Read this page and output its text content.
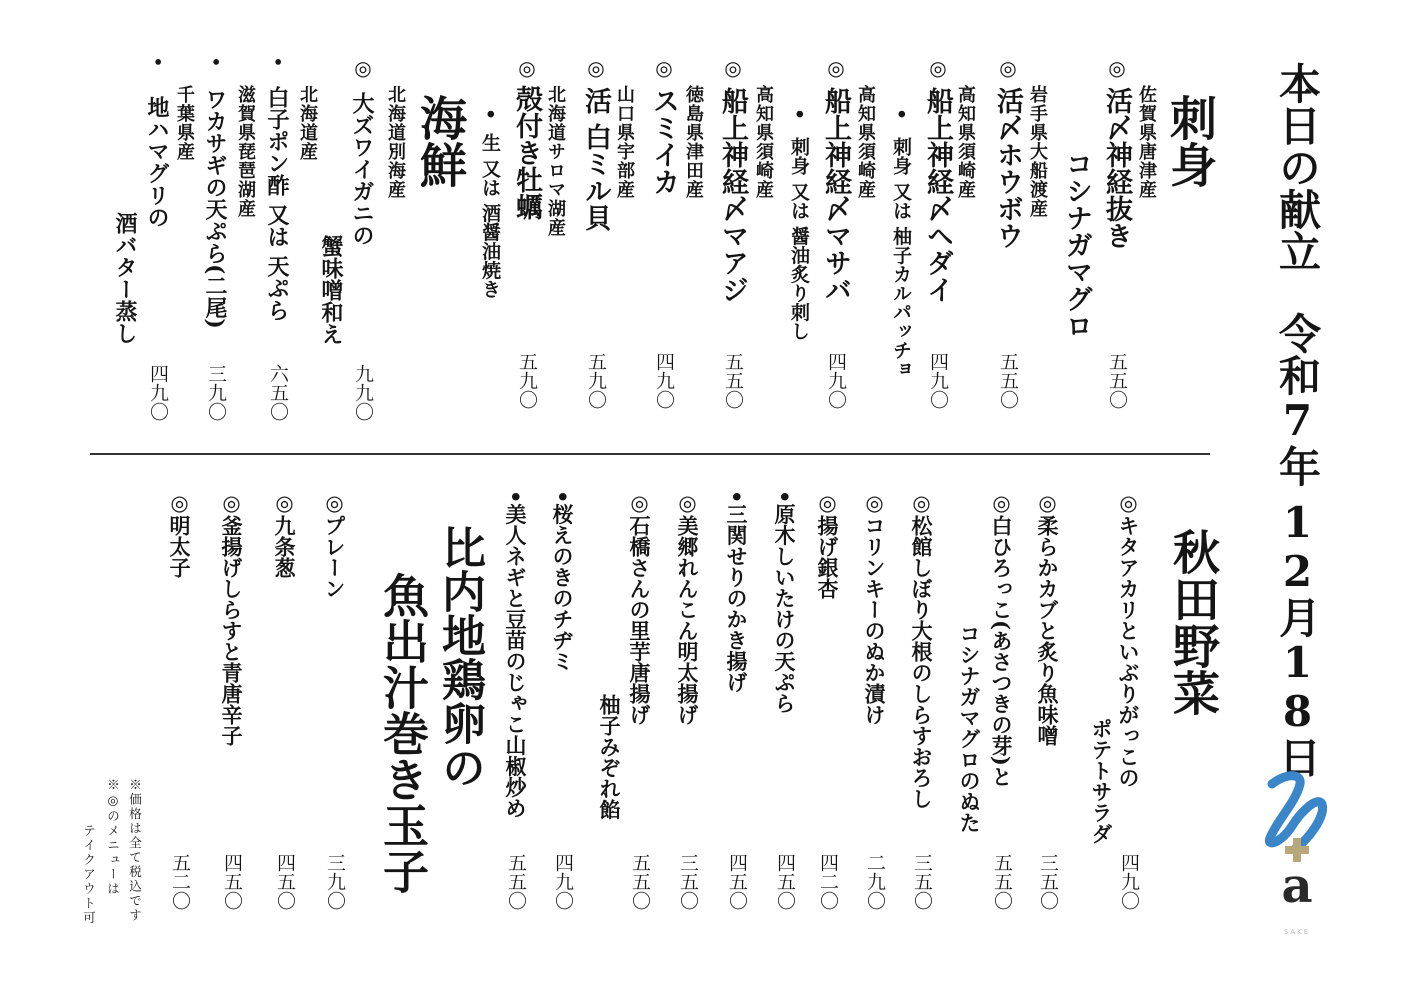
本日の献立
令和7年
12月18日
a
SAKE
刺身
◎
佐賀県唐津産
活〆神経抜き
コシナガマグロ
五五〇
◎
岩手県大船渡産
活〆ホウボウ
五五〇
◎
高知県須崎産
船上神経〆ヘダイ
•
刺身 又は 柚子カルパッチョ
四九〇
◎
高知県須崎産
船上神経〆マサバ
•
刺身 又は 醤油炙り刺し
四九〇
◎
高知県須崎産
船上神経〆マアジ
五五〇
◎
徳島県津田産
スミイカ
四九〇
◎
山口県宇部産
活 白ミル貝
五九〇
◎
北海道サロマ湖産
殻付き牡蠣
•
生 又は 酒醤油焼き
五九〇
海鮮
◎
北海道別海産
大ズワイガニの
蟹味噌和え
九九〇
•
北海道産
白子ポン酢 又は 天ぷら
六五〇
•
滋賀県琵琶湖産
ワカサギの天ぷら(二尾)
三九〇
•
千葉県産
地ハマグリの
酒バター蒸し
四九〇
秋田野菜
◎キタアカリといぶりがっこの
ポテトサラダ
四九〇
◎柔らかカブと炙り魚味噌
三五〇
◎白ひろっこ(あさつきの芽)と
コシナガマグロのぬた
五五〇
◎松館しぼり大根のしらすおろし
三五〇
◎コリンキーのぬか漬け
二九〇
◎揚げ銀杏
四二〇
•原木しいたけの天ぷら
四五〇
•三関せりのかき揚げ
四五〇
◎美郷れんこん明太揚げ
三五〇
◎石橋さんの里芋唐揚げ
柚子みぞれ餡
五五〇
•桜えのきのチヂミ
四九〇
•美人ネギと豆苗のじゃこ山椒炒め
五五〇
比内地鶏卵の
魚出汁巻き玉子
◎プレーン
三九〇
◎九条葱
四五〇
◎釜揚げしらすと青唐辛子
四五〇
◎明太子
五二〇
※価格は全て税込です
※◎のメニューは
テイクアウト可
